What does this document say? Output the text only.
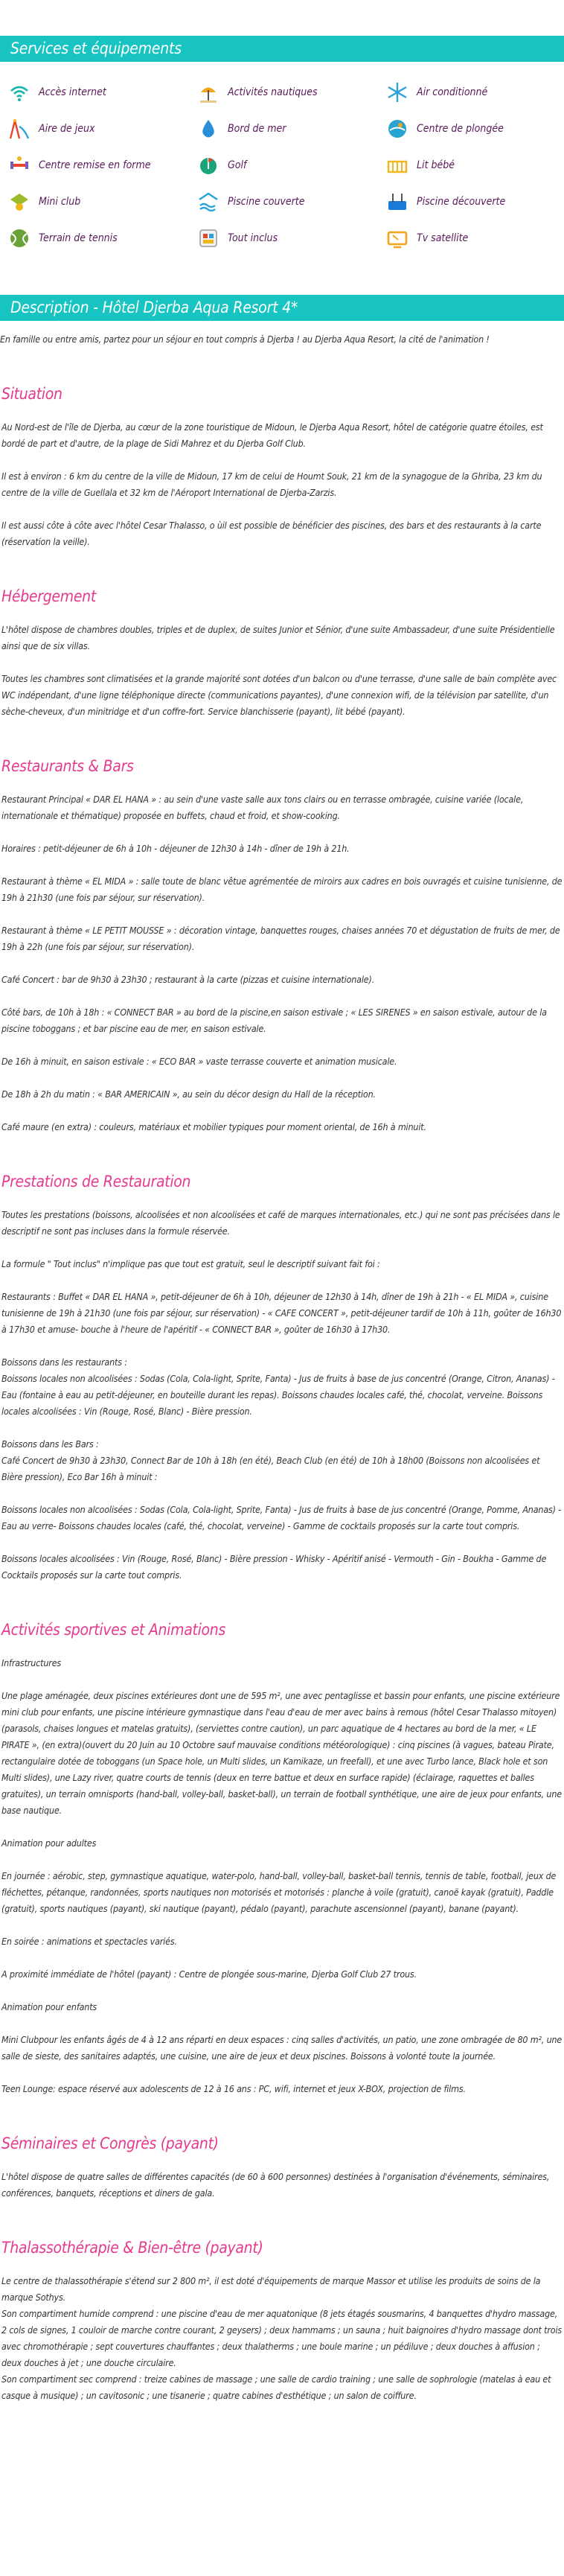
Services et équipements
Accès internet	Activités nautiques	Air conditionné
Aire de jeux	Bord de mer	Centre de plongée
Centre remise en forme	Golf	Lit bébé
Mini club	Piscine couverte	Piscine découverte
Terrain de tennis	Tout inclus	Tv satellite
Description - Hôtel Djerba Aqua Resort 4*

En famille ou entre amis, partez pour un séjour en tout compris à Djerba ! au Djerba Aqua Resort, la cité de l'animation !

Situation

Au Nord-est de l'île de Djerba, au cœur de la zone touristique de Midoun, le Djerba Aqua Resort, hôtel de catégorie quatre étoiles, est bordé de part et d'autre, de la plage de Sidi Mahrez et du Djerba Golf Club.

Il est à environ : 6 km du centre de la ville de Midoun, 17 km de celui de Houmt Souk, 21 km de la synagogue de la Ghriba, 23 km du centre de la ville de Guellala et 32 km de l'Aéroport International de Djerba-Zarzis.

Il est aussi côte à côte avec l'hôtel Cesar Thalasso, o ùil est possible de bénéficier des piscines, des bars et des restaurants à la carte (réservation la veille).

Hébergement

L'hôtel dispose de chambres doubles, triples et de duplex, de suites Junior et Sénior, d'une suite Ambassadeur, d'une suite Présidentielle ainsi que de six villas.

Toutes les chambres sont climatisées et la grande majorité sont dotées d'un balcon ou d'une terrasse, d'une salle de bain complète avec WC indépendant, d'une ligne téléphonique directe (communications payantes), d'une connexion wifi, de la télévision par satellite, d'un sèche-cheveux, d'un minitridge et d'un coffre-fort. Service blanchisserie (payant), lit bébé (payant).

Restaurants & Bars

Restaurant Principal « DAR EL HANA » : au sein d'une vaste salle aux tons clairs ou en terrasse ombragée, cuisine variée (locale, internationale et thématique) proposée en buffets, chaud et froid, et show-cooking.

Horaires : petit-déjeuner de 6h à 10h - déjeuner de 12h30 à 14h - dîner de 19h à 21h.

Restaurant à thème « EL MIDA » : salle toute de blanc vêtue agrémentée de miroirs aux cadres en bois ouvragés et cuisine tunisienne, de 19h à 21h30 (une fois par séjour, sur réservation).

Restaurant à thème « LE PETIT MOUSSE » : décoration vintage, banquettes rouges, chaises années 70 et dégustation de fruits de mer, de 19h à 22h (une fois par séjour, sur réservation).

Café Concert : bar de 9h30 à 23h30 ; restaurant à la carte (pizzas et cuisine internationale).

Côté bars, de 10h à 18h : « CONNECT BAR » au bord de la piscine,en saison estivale ; « LES SIRENES » en saison estivale, autour de la piscine toboggans ; et bar piscine eau de mer, en saison estivale.

De 16h à minuit, en saison estivale : « ECO BAR » vaste terrasse couverte et animation musicale.

De 18h à 2h du matin : « BAR AMERICAIN », au sein du décor design du Hall de la réception.

Café maure (en extra) : couleurs, matériaux et mobilier typiques pour moment oriental, de 16h à minuit.

Prestations de Restauration

Toutes les prestations (boissons, alcoolisées et non alcoolisées et café de marques internationales, etc.) qui ne sont pas précisées dans le descriptif ne sont pas incluses dans la formule réservée.

La formule " Tout inclus" n'implique pas que tout est gratuit, seul le descriptif suivant fait foi :

Restaurants : Buffet « DAR EL HANA », petit-déjeuner de 6h à 10h, déjeuner de 12h30 à 14h, dîner de 19h à 21h - « EL MIDA », cuisine tunisienne de 19h à 21h30 (une fois par séjour, sur réservation) - « CAFE CONCERT », petit-déjeuner tardif de 10h à 11h, goûter de 16h30 à 17h30 et amuse- bouche à l'heure de l'apéritif - « CONNECT BAR », goûter de 16h30 à 17h30.

Boissons dans les restaurants :
Boissons locales non alcoolisées : Sodas (Cola, Cola-light, Sprite, Fanta) - Jus de fruits à base de jus concentré (Orange, Citron, Ananas) - Eau (fontaine à eau au petit-déjeuner, en bouteille durant les repas). Boissons chaudes locales café, thé, chocolat, verveine. Boissons locales alcoolisées : Vin (Rouge, Rosé, Blanc) - Bière pression.

Boissons dans les Bars :
Café Concert de 9h30 à 23h30, Connect Bar de 10h à 18h (en été), Beach Club (en été) de 10h à 18h00 (Boissons non alcoolisées et Bière pression), Eco Bar 16h à minuit :

Boissons locales non alcoolisées : Sodas (Cola, Cola-light, Sprite, Fanta) - Jus de fruits à base de jus concentré (Orange, Pomme, Ananas) - Eau au verre- Boissons chaudes locales (café, thé, chocolat, verveine) - Gamme de cocktails proposés sur la carte tout compris.

Boissons locales alcoolisées : Vin (Rouge, Rosé, Blanc) - Bière pression - Whisky - Apéritif anisé - Vermouth - Gin - Boukha - Gamme de Cocktails proposés sur la carte tout compris.

Activités sportives et Animations

Infrastructures

Une plage aménagée, deux piscines extérieures dont une de 595 m², une avec pentaglisse et bassin pour enfants, une piscine extérieure mini club pour enfants, une piscine intérieure gymnastique dans l'eau d'eau de mer avec bains à remous (hôtel Cesar Thalasso mitoyen) (parasols, chaises longues et matelas gratuits), (serviettes contre caution), un parc aquatique de 4 hectares au bord de la mer, « LE PIRATE », (en extra)(ouvert du 20 Juin au 10 Octobre sauf mauvaise conditions météorologique) : cinq piscines (à vagues, bateau Pirate, rectangulaire dotée de toboggans (un Space hole, un Multi slides, un Kamikaze, un freefall), et une avec Turbo lance, Black hole et son Multi slides), une Lazy river, quatre courts de tennis (deux en terre battue et deux en surface rapide) (éclairage, raquettes et balles gratuites), un terrain omnisports (hand-ball, volley-ball, basket-ball), un terrain de football synthétique, une aire de jeux pour enfants, une base nautique.

Animation pour adultes

En journée : aérobic, step, gymnastique aquatique, water-polo, hand-ball, volley-ball, basket-ball tennis, tennis de table, football, jeux de fléchettes, pétanque, randonnées, sports nautiques non motorisés et motorisés : planche à voile (gratuit), canoë kayak (gratuit), Paddle (gratuit), sports nautiques (payant), ski nautique (payant), pédalo (payant), parachute ascensionnel (payant), banane (payant).

En soirée : animations et spectacles variés.

A proximité immédiate de l'hôtel (payant) : Centre de plongée sous-marine, Djerba Golf Club 27 trous.

Animation pour enfants

Mini Clubpour les enfants âgés de 4 à 12 ans réparti en deux espaces : cinq salles d'activités, un patio, une zone ombragée de 80 m², une salle de sieste, des sanitaires adaptés, une cuisine, une aire de jeux et deux piscines. Boissons à volonté toute la journée.

Teen Lounge: espace réservé aux adolescents de 12 à 16 ans : PC, wifi, internet et jeux X-BOX, projection de films.

Séminaires et Congrès (payant)

L'hôtel dispose de quatre salles de différentes capacités (de 60 à 600 personnes) destinées à l'organisation d'événements, séminaires, conférences, banquets, réceptions et diners de gala.

Thalassothérapie & Bien-être (payant)

Le centre de thalassothérapie s'étend sur 2 800 m², il est doté d'équipements de marque Massor et utilise les produits de soins de la marque Sothys.
Son compartiment humide comprend : une piscine d'eau de mer aquatonique (8 jets étagés sousmarins, 4 banquettes d'hydro massage, 2 cols de signes, 1 couloir de marche contre courant, 2 geysers) ; deux hammams ; un sauna ; huit baignoires d'hydro massage dont trois avec chromothérapie ; sept couvertures chauffantes ; deux thalatherms ; une boule marine ; un pédiluve ; deux douches à affusion ; deux douches à jet ; une douche circulaire.
Son compartiment sec comprend : treize cabines de massage ; une salle de cardio training ; une salle de sophrologie (matelas à eau et casque à musique) ; un cavitosonic ; une tisanerie ; quatre cabines d'esthétique ; un salon de coiffure.
